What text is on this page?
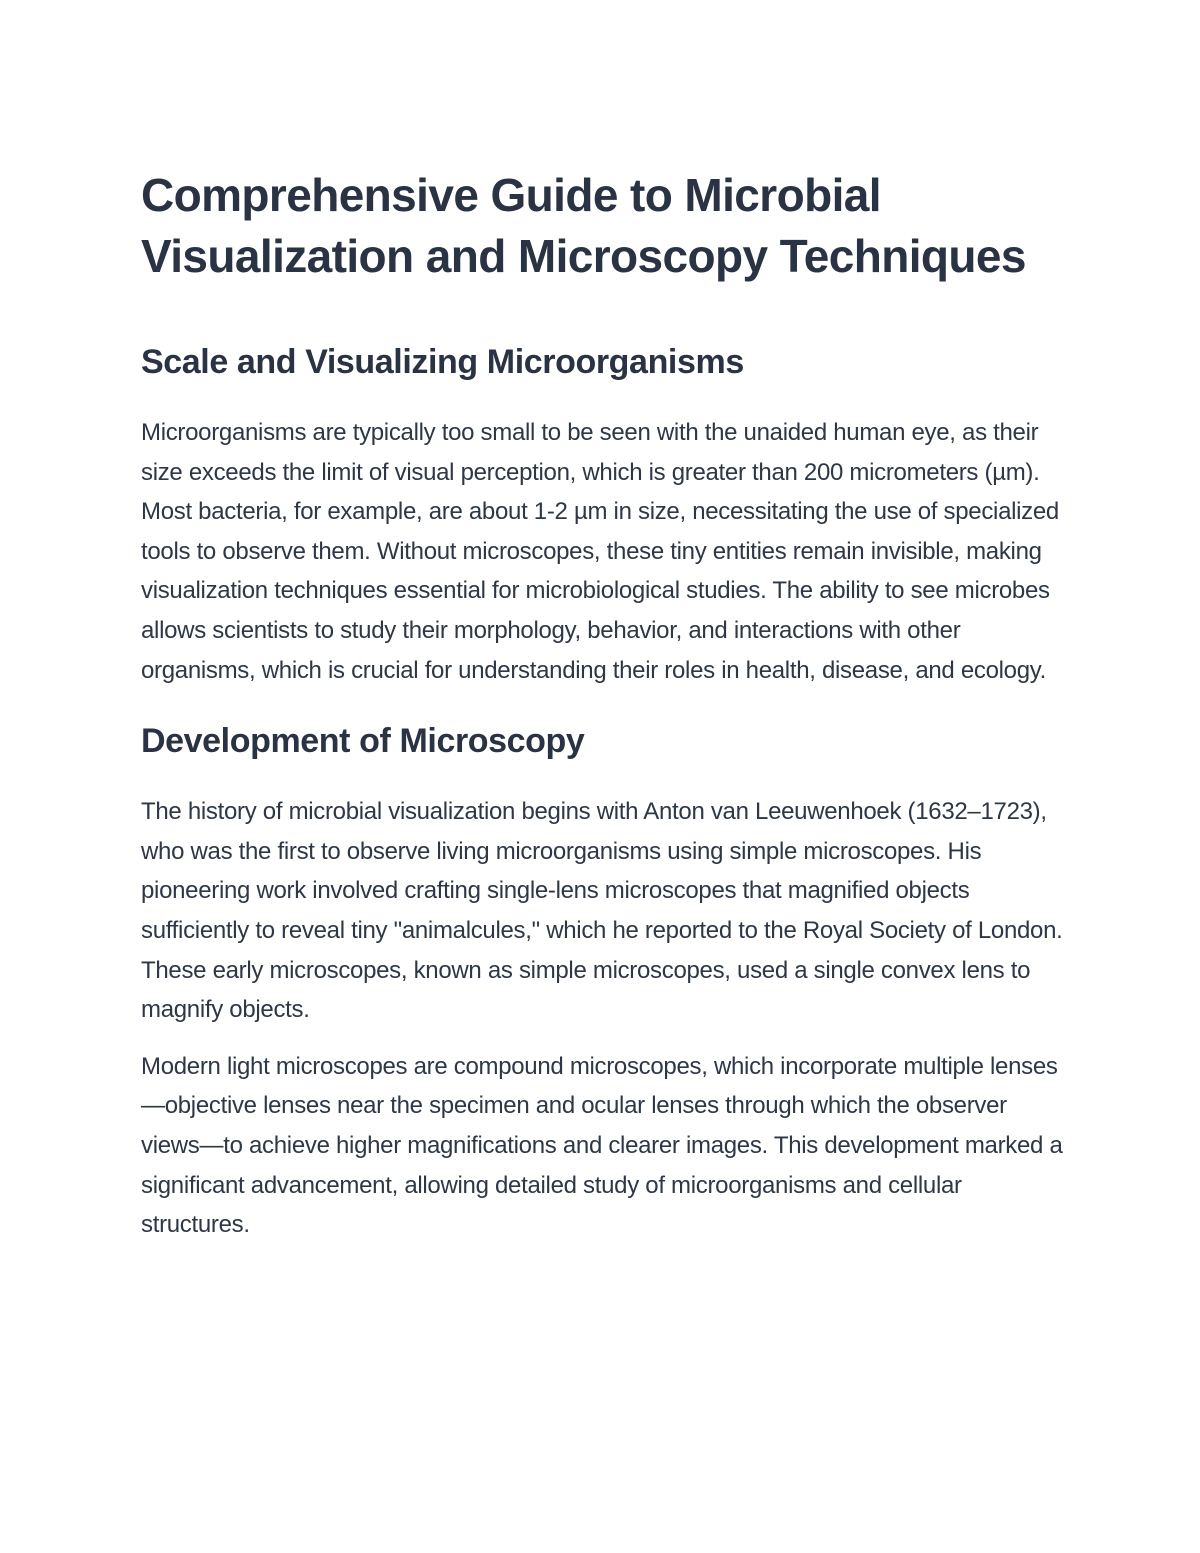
Comprehensive Guide to Microbial Visualization and Microscopy Techniques
Scale and Visualizing Microorganisms

Microorganisms are typically too small to be seen with the unaided human eye, as their size exceeds the limit of visual perception, which is greater than 200 micrometers (µm). Most bacteria, for example, are about 1-2 µm in size, necessitating the use of specialized tools to observe them. Without microscopes, these tiny entities remain invisible, making visualization techniques essential for microbiological studies. The ability to see microbes allows scientists to study their morphology, behavior, and interactions with other organisms, which is crucial for understanding their roles in health, disease, and ecology.

Development of Microscopy

The history of microbial visualization begins with Anton van Leeuwenhoek (1632–1723), who was the first to observe living microorganisms using simple microscopes. His pioneering work involved crafting single-lens microscopes that magnified objects sufficiently to reveal tiny "animalcules," which he reported to the Royal Society of London. These early microscopes, known as simple microscopes, used a single convex lens to magnify objects.

Modern light microscopes are compound microscopes, which incorporate multiple lenses—objective lenses near the specimen and ocular lenses through which the observer views—to achieve higher magnifications and clearer images. This development marked a significant advancement, allowing detailed study of microorganisms and cellular structures.
